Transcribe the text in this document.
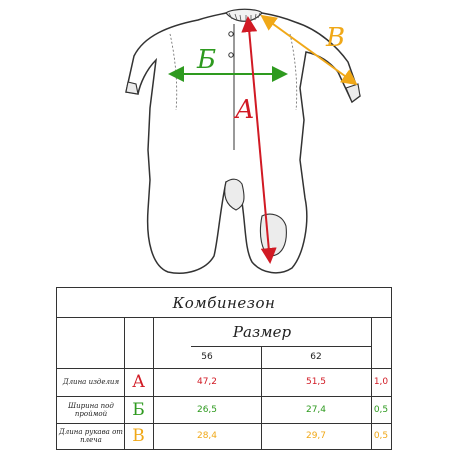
Б
А
В
Комбинезон
Размер
56	62
Длина изделия А	47,2	51,5	1,0
Ширина под проймой	Б	26,5	27,4	0,5
Длина рукава от плеча	В	28,4	29,7	0,5
